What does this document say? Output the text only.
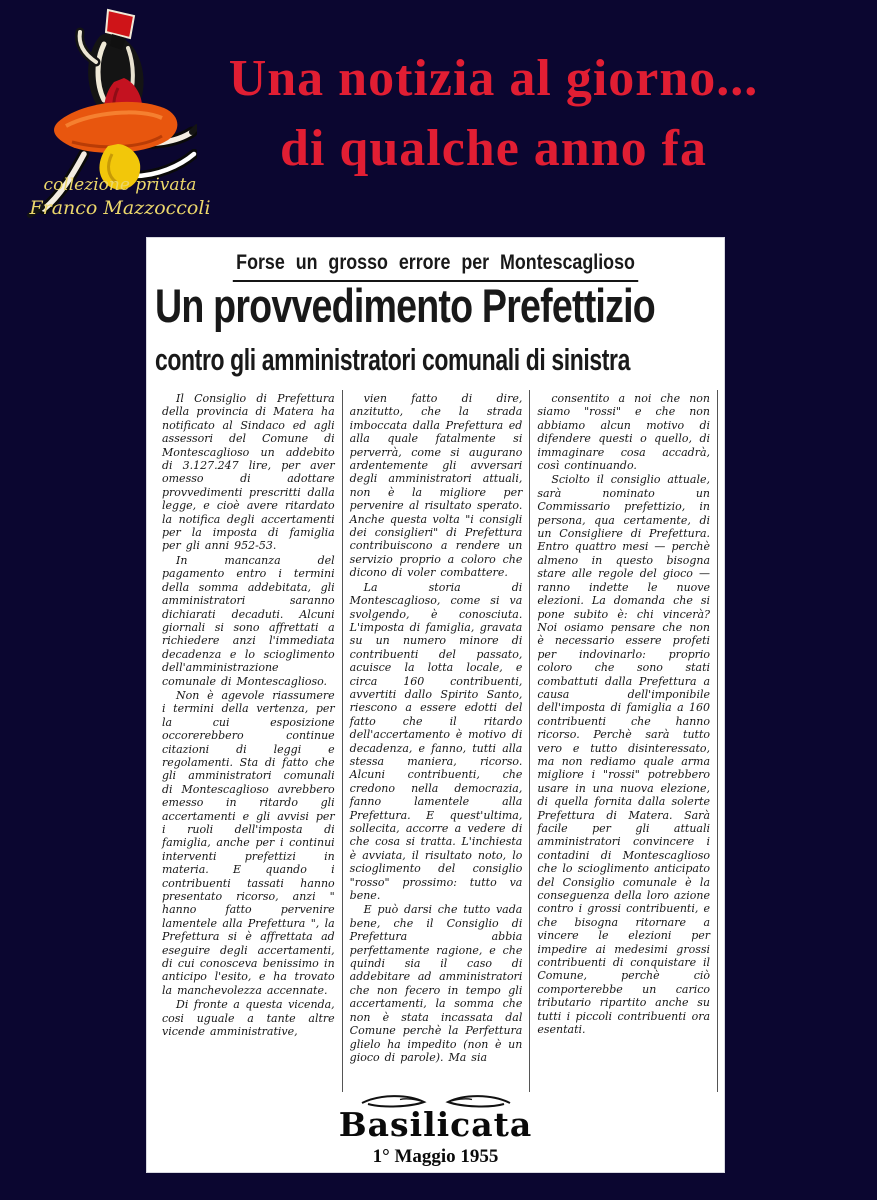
Una notizia al giorno...
di qualche anno fa
collezione privata
Franco Mazzoccoli
Forse un grosso errore per Montescaglioso
Un provvedimento Prefettizio
contro gli amministratori comunali di sinistra

Il Consiglio di Prefettura della provincia di Matera ha notificato al Sindaco ed agli assessori del Comune di Montescaglioso un addebito di 3.127.247 lire, per aver omesso di adottare provvedimenti prescritti dalla legge, e cioè avere ritardato la notifica degli accertamenti per la imposta di famiglia per gli anni 952-53.

In mancanza del pagamento entro i termini della somma addebitata, gli amministratori saranno dichiarati decaduti. Alcuni giornali si sono affrettati a richiedere anzi l'immediata decadenza e lo scioglimento dell'amministrazione comunale di Montescaglioso.

Non è agevole riassumere i termini della vertenza, per la cui esposizione occorerebbero continue citazioni di leggi e regolamenti. Sta di fatto che gli amministratori comunali di Montescaglioso avrebbero emesso in ritardo gli accertamenti e gli avvisi per i ruoli dell'imposta di famiglia, anche per i continui interventi prefettizi in materia. E quando i contribuenti tassati hanno presentato ricorso, anzi " hanno fatto pervenire lamentele alla Prefettura ", la Prefettura si è affrettata ad eseguire degli accertamenti, di cui conosceva benissimo in anticipo l'esito, e ha trovato la manchevolezza accennate.

Di fronte a questa vicenda, cosi uguale a tante altre vicende amministrative,

vien fatto di dire, anzitutto, che la strada imboccata dalla Prefettura ed alla quale fatalmente si perverrà, come si augurano ardentemente gli avversari degli amministratori attuali, non è la migliore per pervenire al risultato sperato. Anche questa volta "i consigli dei consiglieri" di Prefettura contribuiscono a rendere un servizio proprio a coloro che dicono di voler combattere.

La storia di Montescaglioso, come si va svolgendo, è conosciuta. L'imposta di famiglia, gravata su un numero minore di contribuenti del passato, acuisce la lotta locale, e circa 160 contribuenti, avvertiti dallo Spirito Santo, riescono a essere edotti del fatto che il ritardo dell'accertamento è motivo di decadenza, e fanno, tutti alla stessa maniera, ricorso. Alcuni contribuenti, che credono nella democrazia, fanno lamentele alla Prefettura. E quest'ultima, sollecita, accorre a vedere di che cosa si tratta. L'inchiesta è avviata, il risultato noto, lo scioglimento del consiglio "rosso" prossimo: tutto va bene.

E può darsi che tutto vada bene, che il Consiglio di Prefettura abbia perfettamente ragione, e che quindi sia il caso di addebitare ad amministratori che non fecero in tempo gli accertamenti, la somma che non è stata incassata dal Comune perchè la Perfettura glielo ha impedito (non è un gioco di parole). Ma sia

consentito a noi che non siamo "rossi" e che non abbiamo alcun motivo di difendere questi o quello, di immaginare cosa accadrà, così continuando.

Sciolto il consiglio attuale, sarà nominato un Commissario prefettizio, in persona, qua certamente, di un Consigliere di Prefettura. Entro quattro mesi — perchè almeno in questo bisogna stare alle regole del gioco — ranno indette le nuove elezioni. La domanda che si pone subito è: chi vincerà? Noi osiamo pensare che non è necessario essere profeti per indovinarlo: proprio coloro che sono stati combattuti dalla Prefettura a causa dell'imponibile dell'imposta di famiglia a 160 contribuenti che hanno ricorso. Perchè sarà tutto vero e tutto disinteressato, ma non rediamo quale arma migliore i "rossi" potrebbero usare in una nuova elezione, di quella fornita dalla solerte Prefettura di Matera. Sarà facile per gli attuali amministratori convincere i contadini di Montescaglioso che lo scioglimento anticipato del Consiglio comunale è la conseguenza della loro azione contro i grossi contribuenti, e che bisogna ritornare a vincere le elezioni per impedire ai medesimi grossi contribuenti di conquistare il Comune, perchè ciò comporterebbe un carico tributario ripartito anche su tutti i piccoli contribuenti ora esentati.

Basilicata
1° Maggio 1955
